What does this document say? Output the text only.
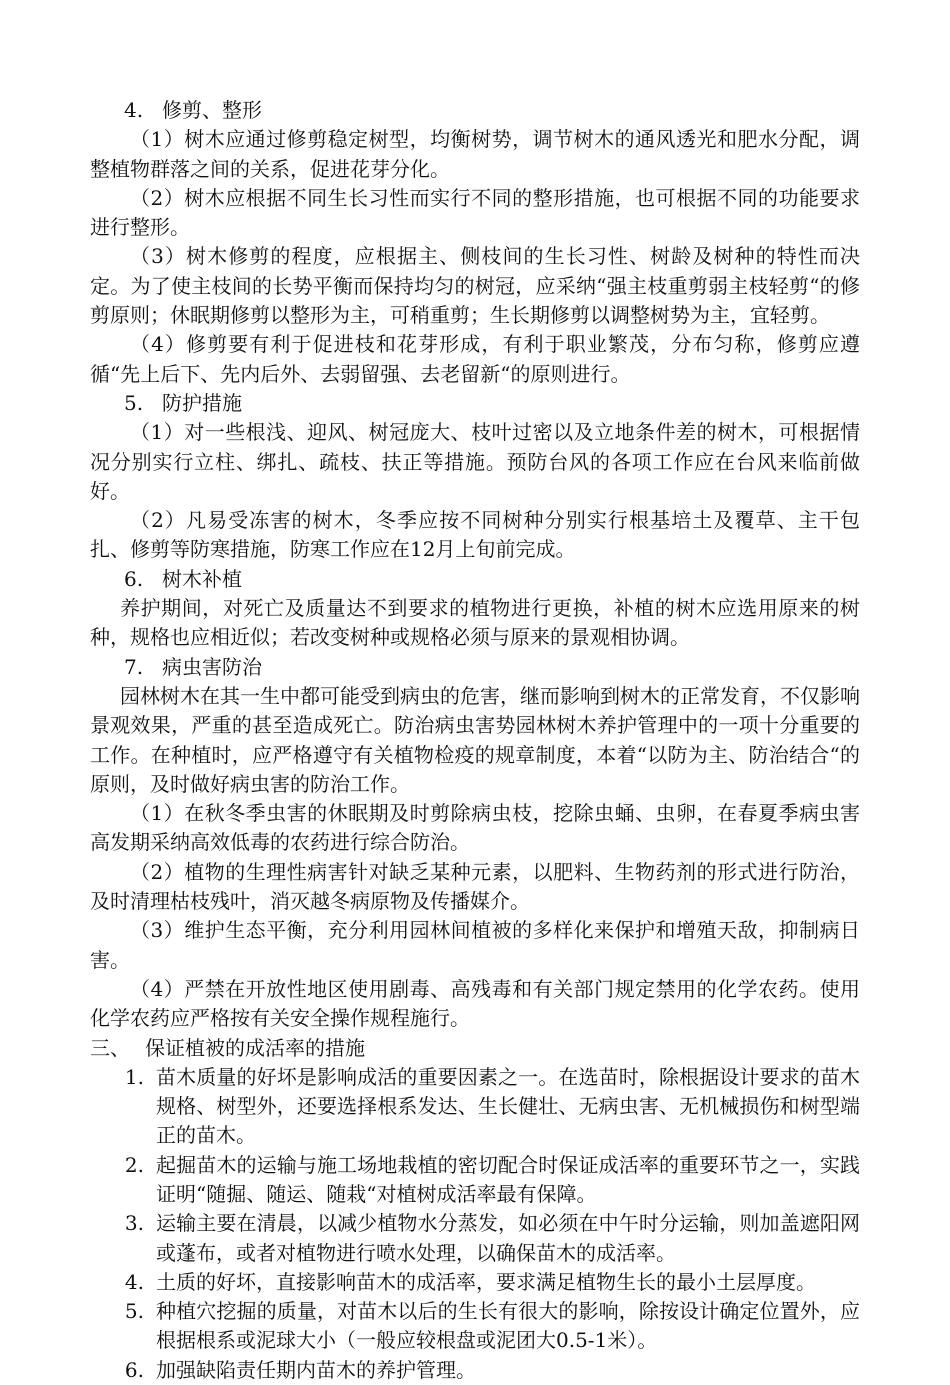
4. 修剪、整形
（1）树木应通过修剪稳定树型，均衡树势，调节树木的通风透光和肥水分配，调整植物群落之间的关系，促进花芽分化。
（2）树木应根据不同生长习性而实行不同的整形措施，也可根据不同的功能要求进行整形。
（3）树木修剪的程度，应根据主、侧枝间的生长习性、树龄及树种的特性而决定。为了使主枝间的长势平衡而保持均匀的树冠，应采纳“强主枝重剪弱主枝轻剪“的修剪原则；休眠期修剪以整形为主，可稍重剪；生长期修剪以调整树势为主，宜轻剪。
（4）修剪要有利于促进枝和花芽形成，有利于职业繁茂，分布匀称，修剪应遵循“先上后下、先内后外、去弱留强、去老留新“的原则进行。
5. 防护措施
（1）对一些根浅、迎风、树冠庞大、枝叶过密以及立地条件差的树木，可根据情况分别实行立柱、绑扎、疏枝、扶正等措施。预防台风的各项工作应在台风来临前做好。
（2）凡易受冻害的树木，冬季应按不同树种分别实行根基培土及覆草、主干包扎、修剪等防寒措施，防寒工作应在12月上旬前完成。
6. 树木补植
养护期间，对死亡及质量达不到要求的植物进行更换，补植的树木应选用原来的树种，规格也应相近似；若改变树种或规格必须与原来的景观相协调。
7. 病虫害防治
园林树木在其一生中都可能受到病虫的危害，继而影响到树木的正常发育，不仅影响景观效果，严重的甚至造成死亡。防治病虫害势园林树木养护管理中的一项十分重要的工作。在种植时，应严格遵守有关植物检疫的规章制度，本着“以防为主、防治结合“的原则，及时做好病虫害的防治工作。
（1）在秋冬季虫害的休眠期及时剪除病虫枝，挖除虫蛹、虫卵，在春夏季病虫害高发期采纳高效低毒的农药进行综合防治。
（2）植物的生理性病害针对缺乏某种元素，以肥料、生物药剂的形式进行防治，及时清理枯枝残叶，消灭越冬病原物及传播媒介。
（3）维护生态平衡，充分利用园林间植被的多样化来保护和增殖天敌，抑制病日害。
（4）严禁在开放性地区使用剧毒、高残毒和有关部门规定禁用的化学农药。使用化学农药应严格按有关安全操作规程施行。
三、 保证植被的成活率的措施
1. 苗木质量的好坏是影响成活的重要因素之一。在选苗时，除根据设计要求的苗木规格、树型外，还要选择根系发达、生长健壮、无病虫害、无机械损伤和树型端正的苗木。
2. 起掘苗木的运输与施工场地栽植的密切配合时保证成活率的重要环节之一，实践证明“随掘、随运、随栽“对植树成活率最有保障。
3. 运输主要在清晨，以减少植物水分蒸发，如必须在中午时分运输，则加盖遮阳网或蓬布，或者对植物进行喷水处理，以确保苗木的成活率。
4. 土质的好坏，直接影响苗木的成活率，要求满足植物生长的最小土层厚度。
5. 种植穴挖掘的质量，对苗木以后的生长有很大的影响，除按设计确定位置外，应根据根系或泥球大小（一般应较根盘或泥团大0.5-1米）。
6. 加强缺陷责任期内苗木的养护管理。
